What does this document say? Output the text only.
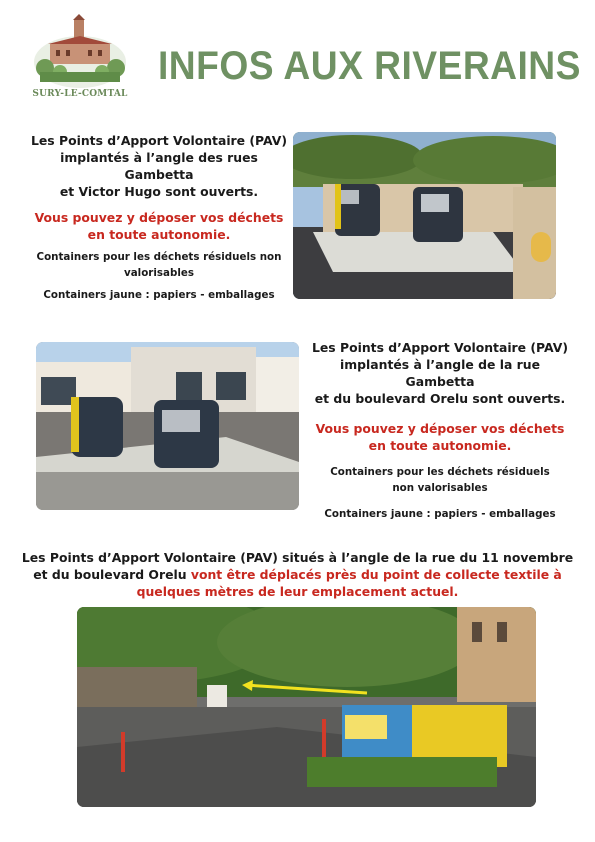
SURY-LE-COMTAL
INFOS AUX RIVERAINS
Les Points d’Apport Volontaire (PAV)
implantés à l’angle des rues Gambetta
et Victor Hugo sont ouverts.
Vous pouvez y déposer vos déchets
en toute autonomie.
Containers pour les déchets résiduels non
valorisables
Containers jaune : papiers - emballages
Les Points d’Apport Volontaire (PAV)
implantés à l’angle de la rue Gambetta
et du boulevard Orelu sont ouverts.
Vous pouvez y déposer vos déchets
en toute autonomie.
Containers pour les déchets résiduels
non valorisables
Containers jaune : papiers - emballages
Les Points d’Apport Volontaire (PAV) situés à l’angle de la rue du 11 novembre
et du boulevard Orelu vont être déplacés près du point de collecte textile à
quelques mètres de leur emplacement actuel.
